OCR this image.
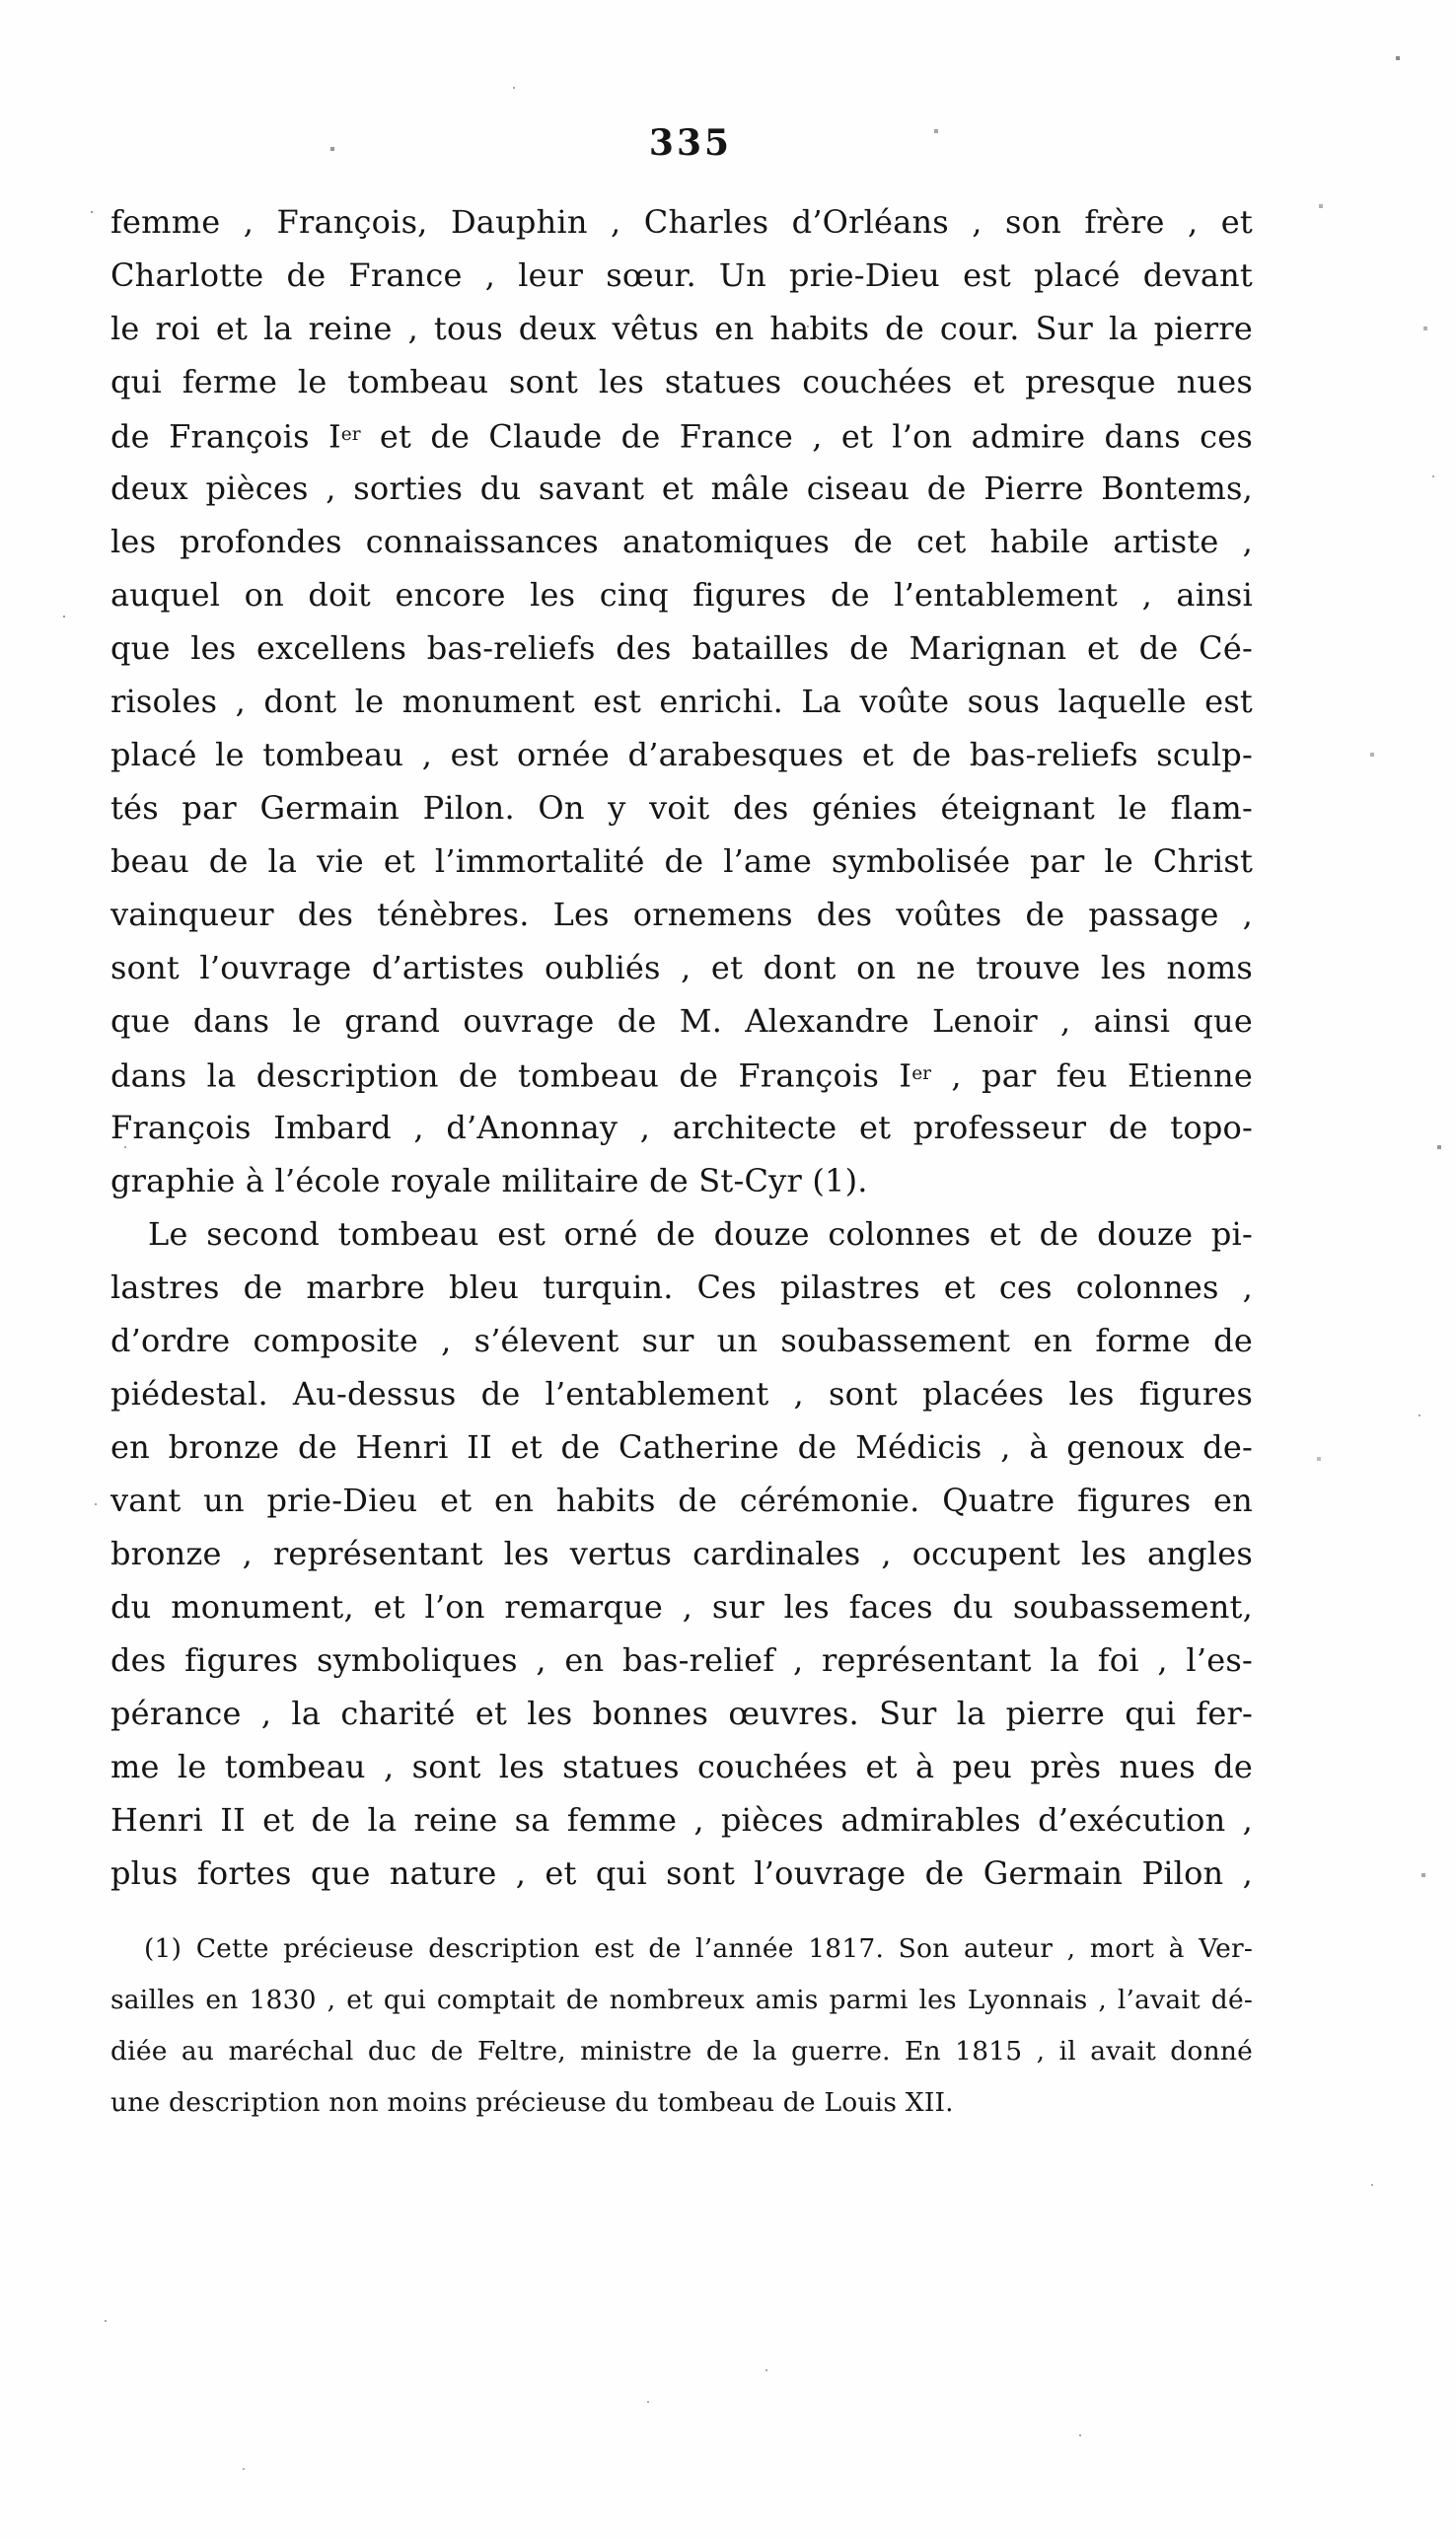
335
femme , François, Dauphin , Charles d’Orléans , son frère , et
Charlotte de France , leur sœur. Un prie-Dieu est placé devant
le roi et la reine , tous deux vêtus en habits de cour. Sur la pierre
qui ferme le tombeau sont les statues couchées et presque nues
de François Ier et de Claude de France , et l’on admire dans ces
deux pièces , sorties du savant et mâle ciseau de Pierre Bontems,
les profondes connaissances anatomiques de cet habile artiste ,
auquel on doit encore les cinq figures de l’entablement , ainsi
que les excellens bas-reliefs des batailles de Marignan et de Cé-
risoles , dont le monument est enrichi. La voûte sous laquelle est
placé le tombeau , est ornée d’arabesques et de bas-reliefs sculp-
tés par Germain Pilon. On y voit des génies éteignant le flam-
beau de la vie et l’immortalité de l’ame symbolisée par le Christ
vainqueur des ténèbres. Les ornemens des voûtes de passage ,
sont l’ouvrage d’artistes oubliés , et dont on ne trouve les noms
que dans le grand ouvrage de M. Alexandre Lenoir , ainsi que
dans la description de tombeau de François Ier , par feu Etienne
François Imbard , d’Anonnay , architecte et professeur de topo-
graphie à l’école royale militaire de St-Cyr (1).
Le second tombeau est orné de douze colonnes et de douze pi-
lastres de marbre bleu turquin. Ces pilastres et ces colonnes ,
d’ordre composite , s’élevent sur un soubassement en forme de
piédestal. Au-dessus de l’entablement , sont placées les figures
en bronze de Henri II et de Catherine de Médicis , à genoux de-
vant un prie-Dieu et en habits de cérémonie. Quatre figures en
bronze , représentant les vertus cardinales , occupent les angles
du monument, et l’on remarque , sur les faces du soubassement,
des figures symboliques , en bas-relief , représentant la foi , l’es-
pérance , la charité et les bonnes œuvres. Sur la pierre qui fer-
me le tombeau , sont les statues couchées et à peu près nues de
Henri II et de la reine sa femme , pièces admirables d’exécution ,
plus fortes que nature , et qui sont l’ouvrage de Germain Pilon ,
(1) Cette précieuse description est de l’année 1817. Son auteur , mort à Ver-
sailles en 1830 , et qui comptait de nombreux amis parmi les Lyonnais , l’avait dé-
diée au maréchal duc de Feltre, ministre de la guerre. En 1815 , il avait donné
une description non moins précieuse du tombeau de Louis XII.
